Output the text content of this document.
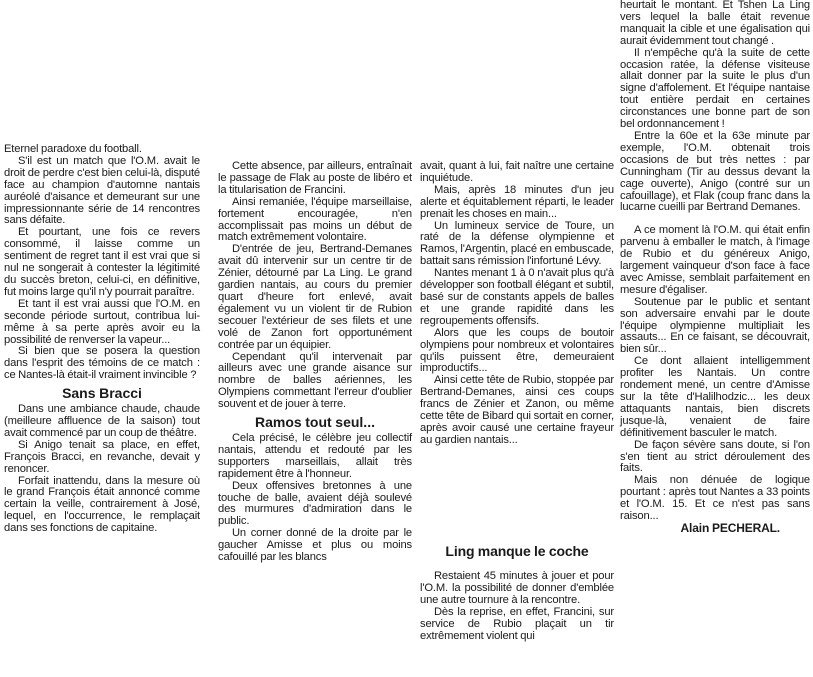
Eternel paradoxe du football.

S'il est un match que l'O.M. avait le droit de perdre c'est bien celui-là, disputé face au champion d'automne nantais auréolé d'aisance et demeurant sur une impressionnante série de 14 rencontres sans défaite.

Et pourtant, une fois ce revers consommé, il laisse comme un sentiment de regret tant il est vrai que si nul ne songerait à contester la légitimité du succès breton, celui-ci, en définitive, fut moins large qu'il n'y pourrait paraître.

Et tant il est vrai aussi que l'O.M. en seconde période surtout, contribua lui-même à sa perte après avoir eu la possibilité de renverser la vapeur...

Si bien que se posera la question dans l'esprit des témoins de ce match : ce Nantes-là était-il vraiment invincible ?

Sans Bracci

Dans une ambiance chaude, chaude (meilleure affluence de la saison) tout avait commencé par un coup de théâtre.

Si Anigo tenait sa place, en effet, François Bracci, en revanche, devait y renoncer.

Forfait inattendu, dans la mesure où le grand François était annoncé comme certain la veille, contrairement à José, lequel, en l'occurrence, le remplaçait dans ses fonctions de capitaine.

Cette absence, par ailleurs, entraînait le passage de Flak au poste de libéro et la titularisation de Francini.

Ainsi remaniée, l'équipe marseillaise, fortement encouragée, n'en accomplissait pas moins un début de match extrêmement volontaire.

D'entrée de jeu, Bertrand-Demanes avait dû intervenir sur un centre tir de Zénier, détourné par La Ling. Le grand gardien nantais, au cours du premier quart d'heure fort enlevé, avait également vu un violent tir de Rubion secouer l'extérieur de ses filets et une volé de Zanon fort opportunément contrée par un équipier.

Cependant qu'il intervenait par ailleurs avec une grande aisance sur nombre de balles aériennes, les Olympiens commettant l'erreur d'oublier souvent et de jouer à terre.

Ramos tout seul...

Cela précisé, le célèbre jeu collectif nantais, attendu et redouté par les supporters marseillais, allait très rapidement être à l'honneur.

Deux offensives bretonnes à une touche de balle, avaient déjà soulevé des murmures d'admiration dans le public.

Un corner donné de la droite par le gaucher Amisse et plus ou moins cafouillé par les blancs

avait, quant à lui, fait naître une certaine inquiétude.

Mais, après 18 minutes d'un jeu alerte et équitablement réparti, le leader prenait les choses en main...

Un lumineux service de Toure, un raté de la défense olympienne et Ramos, l'Argentin, placé en embuscade, battait sans rémission l'infortuné Lévy.

Nantes menant 1 à 0 n'avait plus qu'à développer son football élégant et subtil, basé sur de constants appels de balles et une grande rapidité dans les regroupements offensifs.

Alors que les coups de boutoir olympiens pour nombreux et volontaires qu'ils puissent être, demeuraient improductifs...

Ainsi cette tête de Rubio, stoppée par Bertrand-Demanes, ainsi ces coups francs de Zénier et Zanon, ou même cette tête de Bibard qui sortait en corner, après avoir causé une certaine frayeur au gardien nantais...

Ling manque le coche

Restaient 45 minutes à jouer et pour l'O.M. la possibilité de donner d'emblée une autre tournure à la rencontre.

Dès la reprise, en effet, Francini, sur service de Rubio plaçait un tir extrêmement violent qui

heurtait le montant. Et Tshen La Ling vers lequel la balle était revenue manquait la cible et une égalisation qui aurait évidemment tout changé .

Il n'empêche qu'à la suite de cette occasion ratée, la défense visiteuse allait donner par la suite le plus d'un signe d'affolement. Et l'équipe nantaise tout entière perdait en certaines circonstances une bonne part de son bel ordonnancement !

Entre la 60e et la 63e minute par exemple, l'O.M. obtenait trois occasions de but très nettes : par Cunningham (Tir au dessus devant la cage ouverte), Anigo (contré sur un cafouillage), et Flak (coup franc dans la lucarne cueilli par Bertrand Demanes.

A ce moment là l'O.M. qui était enfin parvenu à emballer le match, à l'image de Rubio et du généreux Anigo, largement vainqueur d'son face à face avec Amisse, semblait parfaitement en mesure d'égaliser.

Soutenue par le public et sentant son adversaire envahi par le doute l'équipe olympienne multipliait les assauts... En ce faisant, se découvrait, bien sûr...

Ce dont allaient intelligemment profiter les Nantais. Un contre rondement mené, un centre d'Amisse sur la tête d'Halilhodzic... les deux attaquants nantais, bien discrets jusque-là, venaient de faire définitivement basculer le match.

De façon sévère sans doute, si l'on s'en tient au strict déroulement des faits.

Mais non dénuée de logique pourtant : après tout Nantes a 33 points et l'O.M. 15. Et ce n'est pas sans raison...

Alain PECHERAL.
